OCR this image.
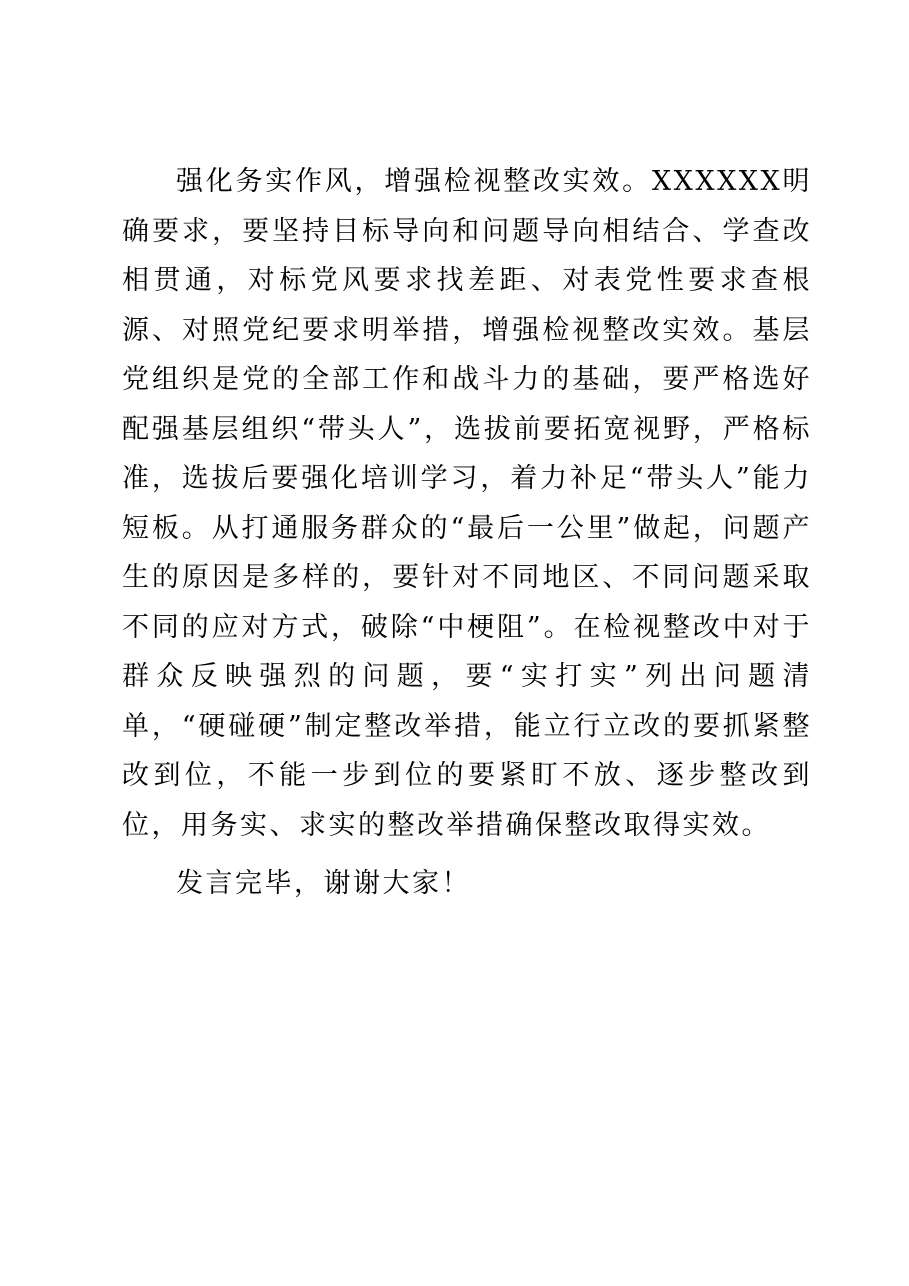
强化务实作风，增强检视整改实效。XXXXXX明确要求，要坚持目标导向和问题导向相结合、学查改相贯通，对标党风要求找差距、对表党性要求查根源、对照党纪要求明举措，增强检视整改实效。基层党组织是党的全部工作和战斗力的基础，要严格选好配强基层组织“带头人”，选拔前要拓宽视野，严格标准，选拔后要强化培训学习，着力补足“带头人”能力短板。从打通服务群众的“最后一公里”做起，问题产生的原因是多样的，要针对不同地区、不同问题采取不同的应对方式，破除“中梗阻”。在检视整改中对于群众反映强烈的问题，要“实打实”列出问题清单，“硬碰硬”制定整改举措，能立行立改的要抓紧整改到位，不能一步到位的要紧盯不放、逐步整改到位，用务实、求实的整改举措确保整改取得实效。

发言完毕，谢谢大家！
